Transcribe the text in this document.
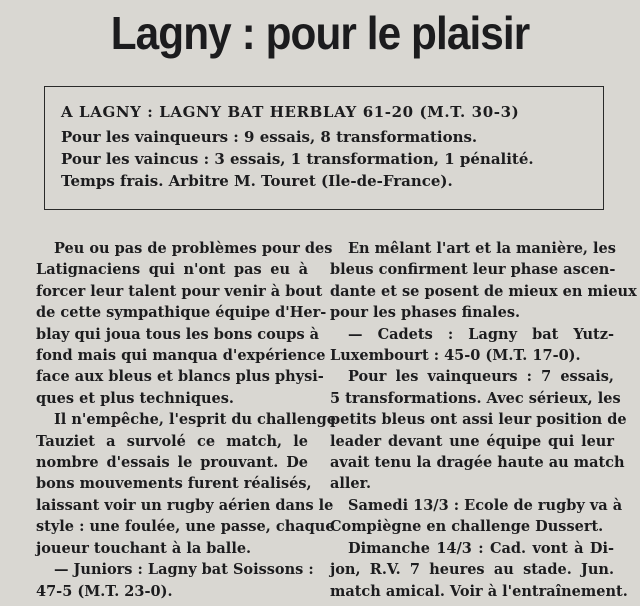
Lagny : pour le plaisir
A LAGNY : LAGNY BAT HERBLAY 61-20 (M.T. 30-3)
Pour les vainqueurs : 9 essais, 8 transformations.
Pour les vaincus : 3 essais, 1 transformation, 1 pénalité.
Temps frais. Arbitre M. Touret (Ile-de-France).
Peu ou pas de problèmes pour des
Latignaciens qui n'ont pas eu à
forcer leur talent pour venir à bout
de cette sympathique équipe d'Her-
blay qui joua tous les bons coups à
fond mais qui manqua d'expérience
face aux bleus et blancs plus physi-
ques et plus techniques.
Il n'empêche, l'esprit du challenge
Tauziet a survolé ce match, le
nombre d'essais le prouvant. De
bons mouvements furent réalisés,
laissant voir un rugby aérien dans le
style : une foulée, une passe, chaque
joueur touchant à la balle.
— Juniors : Lagny bat Soissons :
47-5 (M.T. 23-0).
En mêlant l'art et la manière, les
bleus confirment leur phase ascen-
dante et se posent de mieux en mieux
pour les phases finales.
— Cadets : Lagny bat Yutz-
Luxembourt : 45-0 (M.T. 17-0).
Pour les vainqueurs : 7 essais,
5 transformations. Avec sérieux, les
petits bleus ont assi leur position de
leader devant une équipe qui leur
avait tenu la dragée haute au match
aller.
Samedi 13/3 : Ecole de rugby va à
Compiègne en challenge Dussert.
Dimanche 14/3 : Cad. vont à Di-
jon, R.V. 7 heures au stade. Jun.
match amical. Voir à l'entraînement.
